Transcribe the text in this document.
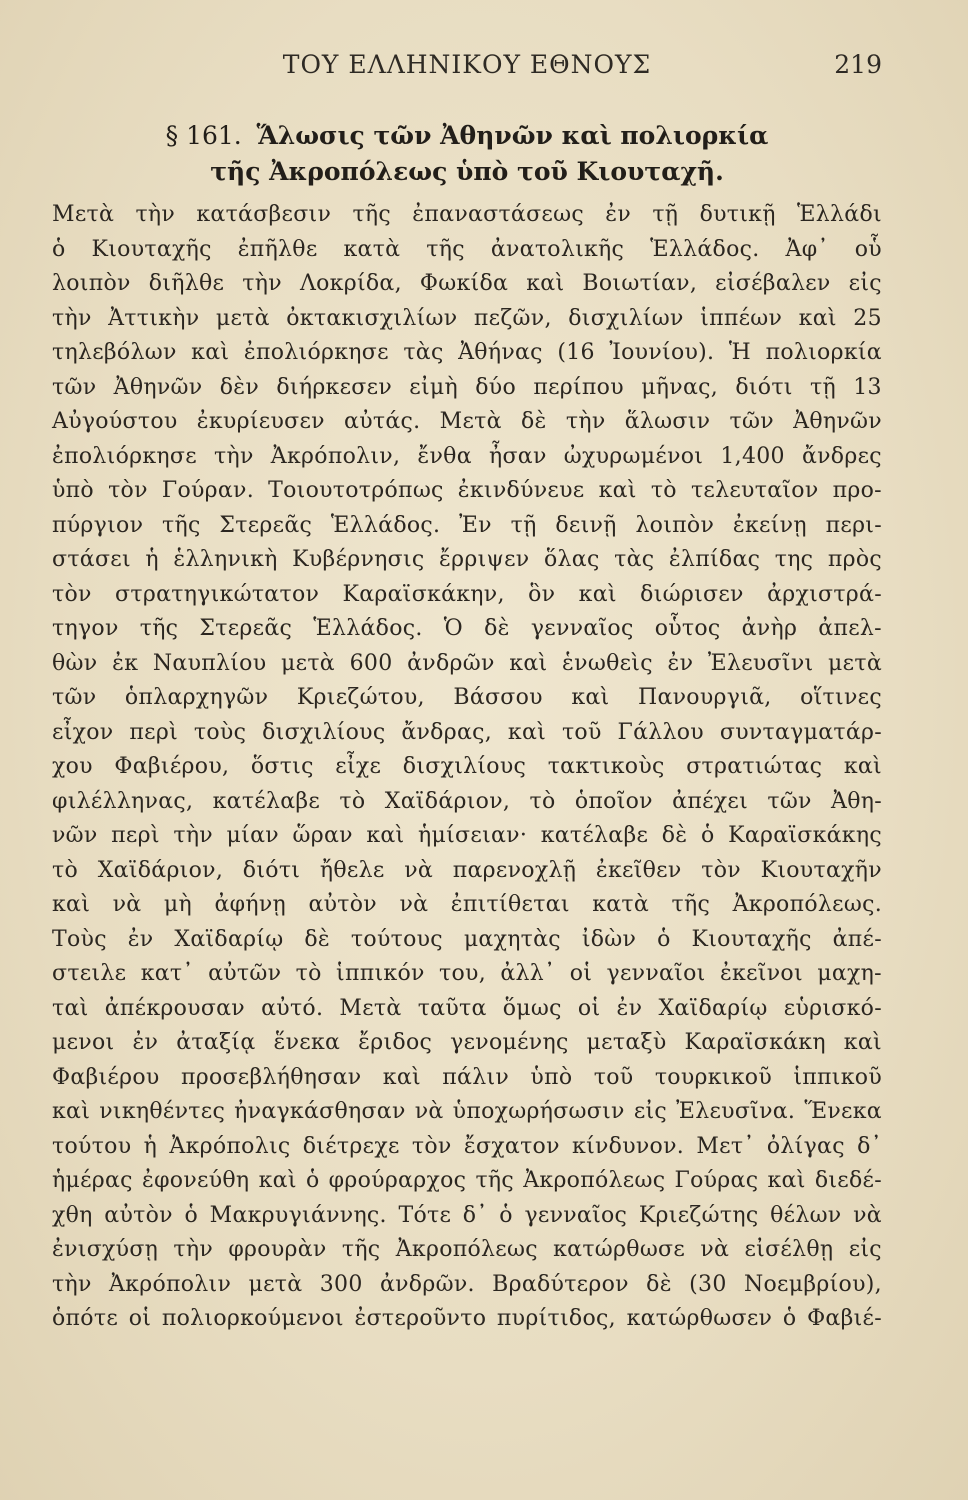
ΤΟΥ ΕΛΛΗΝΙΚΟΥ ΕΘΝΟΥΣ	219
§ 161. Ἅλωσις τῶν Ἀθηνῶν καὶ πολιορκία
τῆς Ἀκροπόλεως ὑπὸ τοῦ Κιουταχῆ.
Μετὰ τὴν κατάσβεσιν τῆς ἐπαναστάσεως ἐν τῇ δυτικῇ Ἑλλάδι
ὁ Κιουταχῆς ἐπῆλθε κατὰ τῆς ἀνατολικῆς Ἑλλάδος. Ἀφ᾽ οὗ
λοιπὸν διῆλθε τὴν Λοκρίδα, Φωκίδα καὶ Βοιωτίαν, εἰσέβαλεν εἰς
τὴν Ἀττικὴν μετὰ ὀκτακισχιλίων πεζῶν, δισχιλίων ἱππέων καὶ 25
τηλεβόλων καὶ ἐπολιόρκησε τὰς Ἀθήνας (16 Ἰουνίου). Ἡ πολιορκία
τῶν Ἀθηνῶν δὲν διήρκεσεν εἰμὴ δύο περίπου μῆνας, διότι τῇ 13
Αὐγούστου ἐκυρίευσεν αὐτάς. Μετὰ δὲ τὴν ἅλωσιν τῶν Ἀθηνῶν
ἐπολιόρκησε τὴν Ἀκρόπολιν, ἔνθα ἦσαν ὠχυρωμένοι 1,400 ἄνδρες
ὑπὸ τὸν Γούραν. Τοιουτοτρόπως ἐκινδύνευε καὶ τὸ τελευταῖον προ-
πύργιον τῆς Στερεᾶς Ἑλλάδος. Ἐν τῇ δεινῇ λοιπὸν ἐκείνῃ περι-
στάσει ἡ ἑλληνικὴ Κυβέρνησις ἔρριψεν ὅλας τὰς ἐλπίδας της πρὸς
τὸν στρατηγικώτατον Καραϊσκάκην, ὃν καὶ διώρισεν ἀρχιστρά-
τηγον τῆς Στερεᾶς Ἑλλάδος. Ὁ δὲ γενναῖος οὗτος ἀνὴρ ἀπελ-
θὼν ἐκ Ναυπλίου μετὰ 600 ἀνδρῶν καὶ ἑνωθεὶς ἐν Ἐλευσῖνι μετὰ
τῶν ὁπλαρχηγῶν Κριεζώτου, Βάσσου καὶ Πανουργιᾶ, οἵτινες
εἶχον περὶ τοὺς δισχιλίους ἄνδρας, καὶ τοῦ Γάλλου συνταγματάρ-
χου Φαβιέρου, ὅστις εἶχε δισχιλίους τακτικοὺς στρατιώτας καὶ
φιλέλληνας, κατέλαβε τὸ Χαϊδάριον, τὸ ὁποῖον ἀπέχει τῶν Ἀθη-
νῶν περὶ τὴν μίαν ὥραν καὶ ἡμίσειαν· κατέλαβε δὲ ὁ Καραϊσκάκης
τὸ Χαϊδάριον, διότι ἤθελε νὰ παρενοχλῇ ἐκεῖθεν τὸν Κιουταχῆν
καὶ νὰ μὴ ἀφήνῃ αὐτὸν νὰ ἐπιτίθεται κατὰ τῆς Ἀκροπόλεως.
Τοὺς ἐν Χαϊδαρίῳ δὲ τούτους μαχητὰς ἰδὼν ὁ Κιουταχῆς ἀπέ-
στειλε κατ᾽ αὐτῶν τὸ ἱππικόν του, ἀλλ᾽ οἱ γενναῖοι ἐκεῖνοι μαχη-
ταὶ ἀπέκρουσαν αὐτό. Μετὰ ταῦτα ὅμως οἱ ἐν Χαϊδαρίῳ εὑρισκό-
μενοι ἐν ἀταξίᾳ ἕνεκα ἔριδος γενομένης μεταξὺ Καραϊσκάκη καὶ
Φαβιέρου προσεβλήθησαν καὶ πάλιν ὑπὸ τοῦ τουρκικοῦ ἱππικοῦ
καὶ νικηθέντες ἠναγκάσθησαν νὰ ὑποχωρήσωσιν εἰς Ἐλευσῖνα. Ἕνεκα
τούτου ἡ Ἀκρόπολις διέτρεχε τὸν ἔσχατον κίνδυνον. Μετ᾽ ὀλίγας δ᾽
ἡμέρας ἐφονεύθη καὶ ὁ φρούραρχος τῆς Ἀκροπόλεως Γούρας καὶ διεδέ-
χθη αὐτὸν ὁ Μακρυγιάννης. Τότε δ᾽ ὁ γενναῖος Κριεζώτης θέλων νὰ
ἐνισχύσῃ τὴν φρουρὰν τῆς Ἀκροπόλεως κατώρθωσε νὰ εἰσέλθῃ εἰς
τὴν Ἀκρόπολιν μετὰ 300 ἀνδρῶν. Βραδύτερον δὲ (30 Νοεμβρίου),
ὁπότε οἱ πολιορκούμενοι ἐστεροῦντο πυρίτιδος, κατώρθωσεν ὁ Φαβιέ-
